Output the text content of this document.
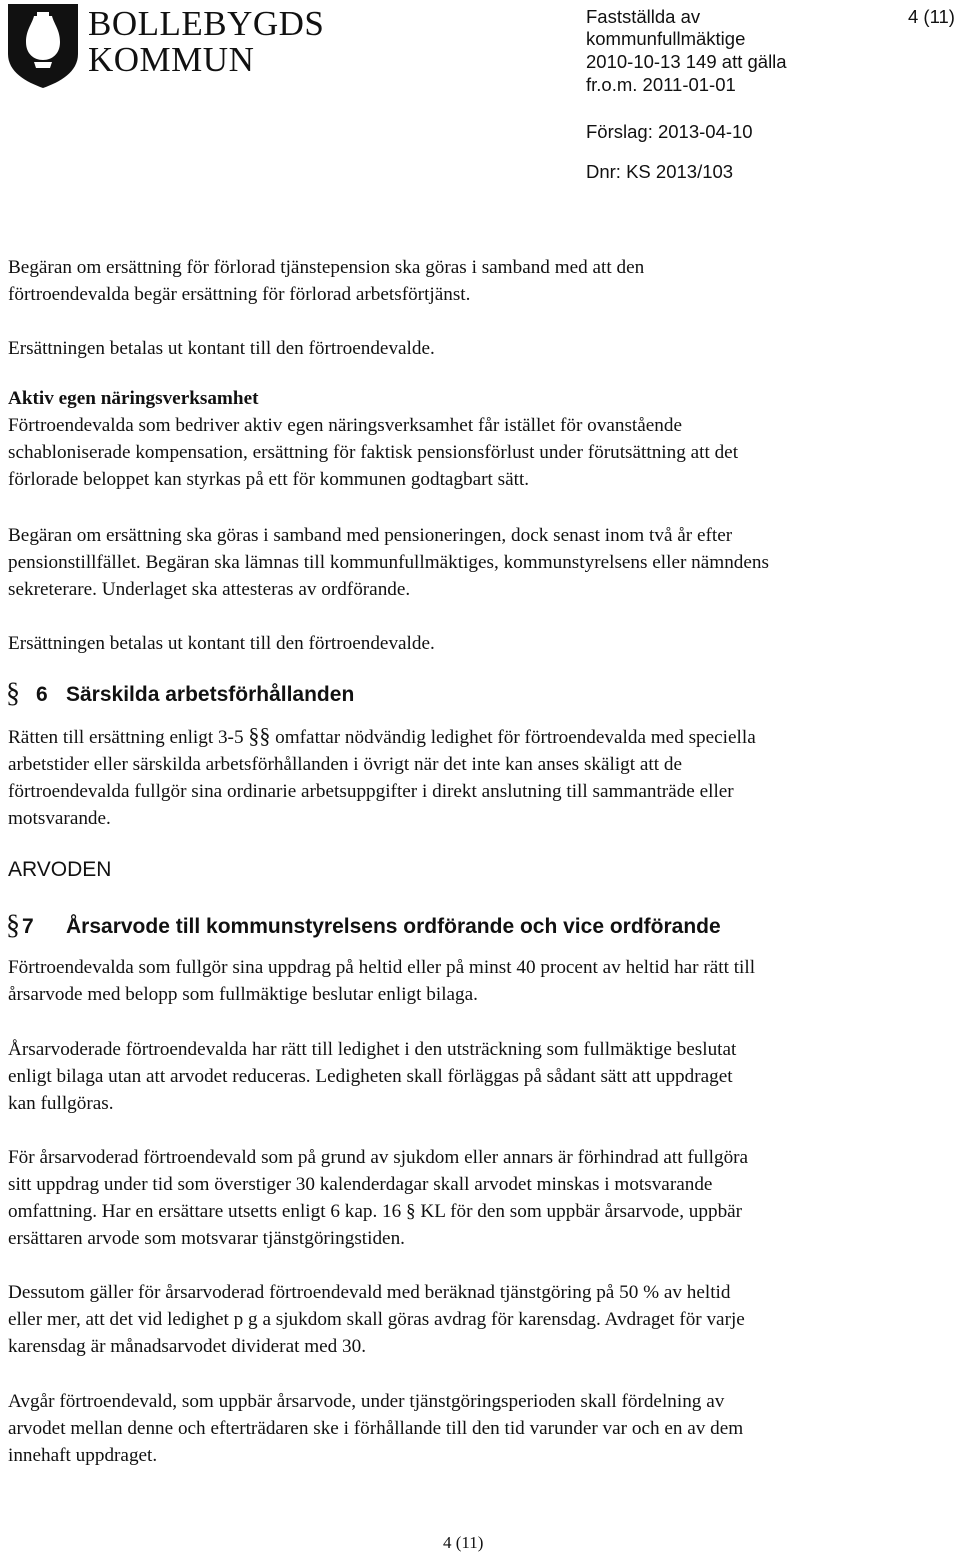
BOLLEBYGDS
KOMMUN
Fastställda av
kommunfullmäktige
2010-10-13 149 att gälla
fr.o.m. 2011-01-01
Förslag: 2013-04-10
Dnr: KS 2013/103
4 (11)
Begäran om ersättning för förlorad tjänstepension ska göras i samband med att den
förtroendevalda begär ersättning för förlorad arbetsförtjänst.
Ersättningen betalas ut kontant till den förtroendevalde.
Aktiv egen näringsverksamhet
Förtroendevalda som bedriver aktiv egen näringsverksamhet får istället för ovanstående
schabloniserade kompensation, ersättning för faktisk pensionsförlust under förutsättning att det
förlorade beloppet kan styrkas på ett för kommunen godtagbart sätt.
Begäran om ersättning ska göras i samband med pensioneringen, dock senast inom två år efter
pensionstillfället. Begäran ska lämnas till kommunfullmäktiges, kommunstyrelsens eller nämndens
sekreterare. Underlaget ska attesteras av ordförande.
Ersättningen betalas ut kontant till den förtroendevalde.
§ 6 Särskilda arbetsförhållanden
Rätten till ersättning enligt 3-5 §§ omfattar nödvändig ledighet för förtroendevalda med speciella
arbetstider eller särskilda arbetsförhållanden i övrigt när det inte kan anses skäligt att de
förtroendevalda fullgör sina ordinarie arbetsuppgifter i direkt anslutning till sammanträde eller
motsvarande.
ARVODEN
§ 7 Årsarvode till kommunstyrelsens ordförande och vice ordförande
Förtroendevalda som fullgör sina uppdrag på heltid eller på minst 40 procent av heltid har rätt till
årsarvode med belopp som fullmäktige beslutar enligt bilaga.
Årsarvoderade förtroendevalda har rätt till ledighet i den utsträckning som fullmäktige beslutat
enligt bilaga utan att arvodet reduceras. Ledigheten skall förläggas på sådant sätt att uppdraget
kan fullgöras.
För årsarvoderad förtroendevald som på grund av sjukdom eller annars är förhindrad att fullgöra
sitt uppdrag under tid som överstiger 30 kalenderdagar skall arvodet minskas i motsvarande
omfattning. Har en ersättare utsetts enligt 6 kap. 16 § KL för den som uppbär årsarvode, uppbär
ersättaren arvode som motsvarar tjänstgöringstiden.
Dessutom gäller för årsarvoderad förtroendevald med beräknad tjänstgöring på 50 % av heltid
eller mer, att det vid ledighet p g a sjukdom skall göras avdrag för karensdag. Avdraget för varje
karensdag är månadsarvodet dividerat med 30.
Avgår förtroendevald, som uppbär årsarvode, under tjänstgöringsperioden skall fördelning av
arvodet mellan denne och efterträdaren ske i förhållande till den tid varunder var och en av dem
innehaft uppdraget.
4 (11)
